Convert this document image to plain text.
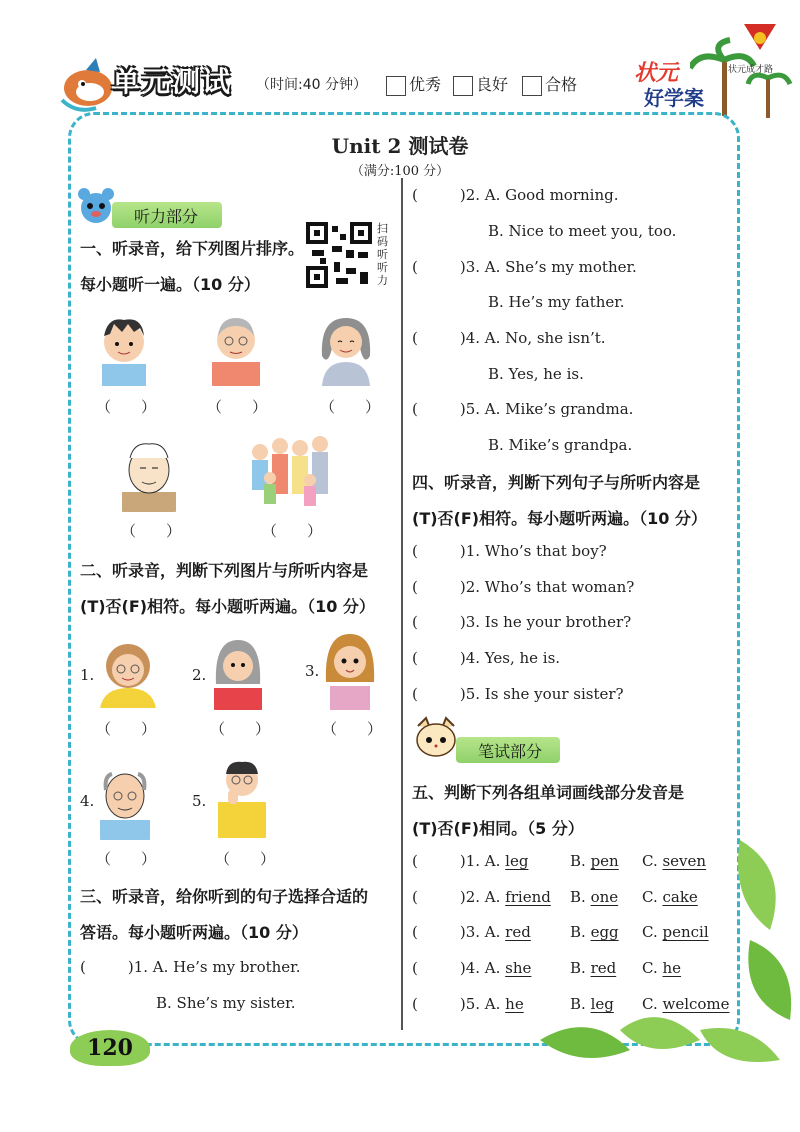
单元测试 （时间:40 分钟）	优秀	良好	合格	状元
好学案
状元成才路
Unit 2 测试卷
（满分:100 分）
听力部分
一、听录音，给下列图片排序。
每小题听一遍。（10 分）
扫
码
听
听
力
（　　）	（　　）	（　　）
（　　）	（　　）
二、听录音，判断下列图片与所听内容是
(T)否(F)相符。每小题听两遍。（10 分）
1.	2.	3.
（　　）	（　　）	（　　）
4.	5.
（　　）	（　　）
三、听录音，给你听到的句子选择合适的
答语。每小题听两遍。（10 分）
(	)1. A. He’s my brother.
B. She’s my sister.
(	)2. A. Good morning.
B. Nice to meet you, too.
(	)3. A. She’s my mother.
B. He’s my father.
(	)4. A. No, she isn’t.
B. Yes, he is.
(	)5. A. Mike’s grandma.
B. Mike’s grandpa.
四、听录音，判断下列句子与所听内容是
(T)否(F)相符。每小题听两遍。（10 分）
(	)1. Who’s that boy?
(	)2. Who’s that woman?
(	)3. Is he your brother?
(	)4. Yes, he is.
(	)5. Is she your sister?
笔试部分
五、判断下列各组单词画线部分发音是
(T)否(F)相同。（5 分）
(	)1. A. leg	B. pen C. seven
(	)2. A. friend B. one C. cake
(	)3. A. red	B. egg C. pencil
(	)4. A. she	B. red C. he
(	)5. A. he	B. leg C. welcome
120
